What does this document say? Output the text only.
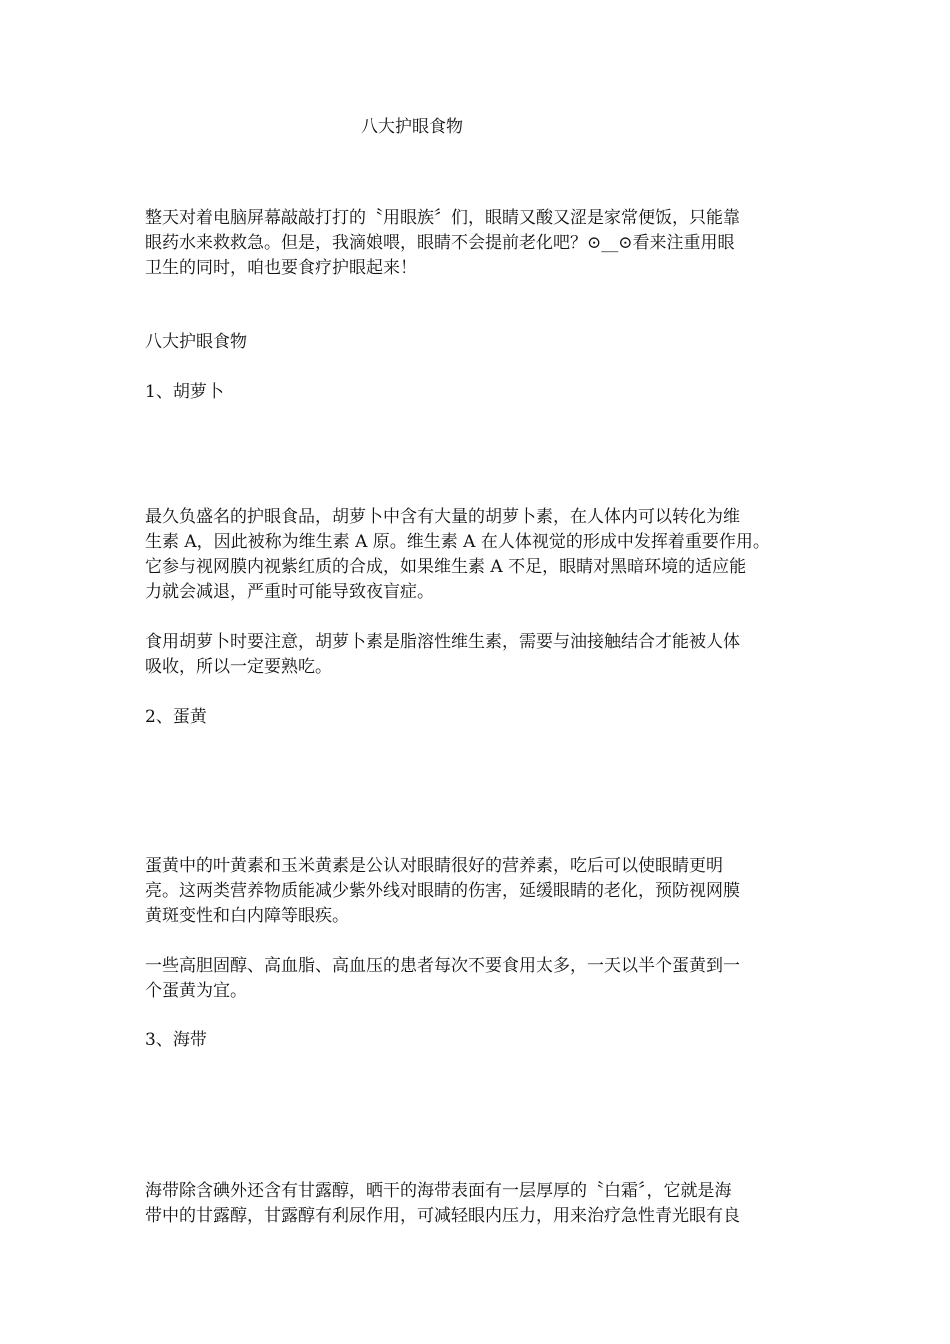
八大护眼食物
整天对着电脑屏幕敲敲打打的〝用眼族〞们，眼睛又酸又涩是家常便饭，只能靠
眼药水来救救急。但是，我滴娘喂，眼睛不会提前老化吧？⊙__⊙看来注重用眼
卫生的同时，咱也要食疗护眼起来！
八大护眼食物
1、胡萝卜
最久负盛名的护眼食品，胡萝卜中含有大量的胡萝卜素，在人体内可以转化为维
生素 A，因此被称为维生素 A 原。维生素 A 在人体视觉的形成中发挥着重要作用。
它参与视网膜内视紫红质的合成，如果维生素 A 不足，眼睛对黑暗环境的适应能
力就会减退，严重时可能导致夜盲症。
食用胡萝卜时要注意，胡萝卜素是脂溶性维生素，需要与油接触结合才能被人体
吸收，所以一定要熟吃。
2、蛋黄
蛋黄中的叶黄素和玉米黄素是公认对眼睛很好的营养素，吃后可以使眼睛更明
亮。这两类营养物质能减少紫外线对眼睛的伤害，延缓眼睛的老化，预防视网膜
黄斑变性和白内障等眼疾。
一些高胆固醇、高血脂、高血压的患者每次不要食用太多，一天以半个蛋黄到一
个蛋黄为宜。
3、海带
海带除含碘外还含有甘露醇，晒干的海带表面有一层厚厚的〝白霜〞，它就是海
带中的甘露醇，甘露醇有利尿作用，可减轻眼内压力，用来治疗急性青光眼有良
